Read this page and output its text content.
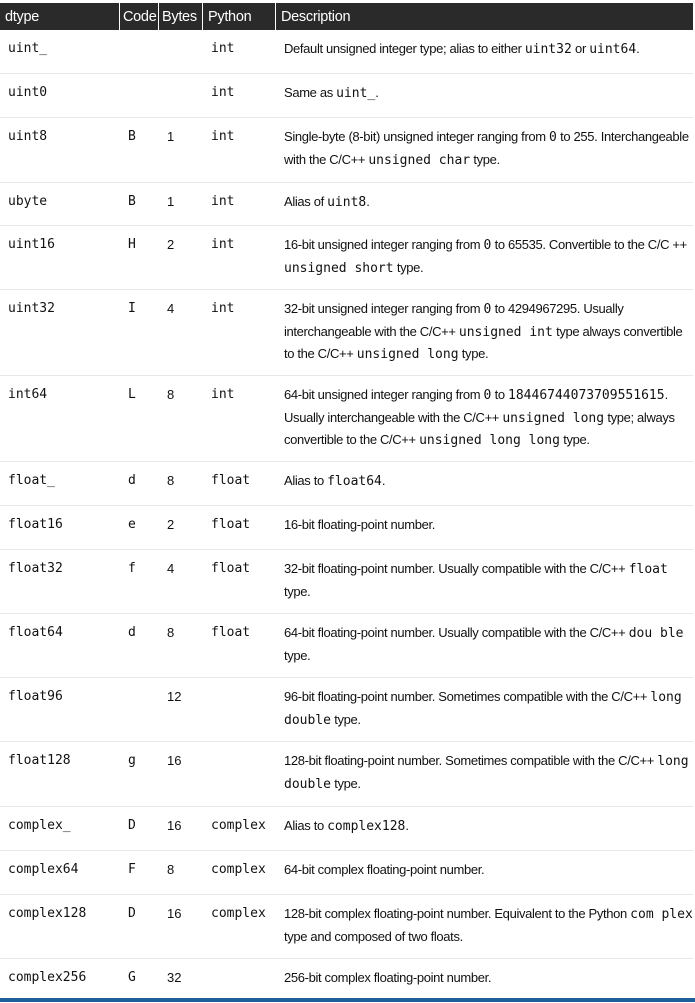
dtype	Code	Bytes	Python	Description
uint_			int	Default unsigned integer type; alias to either uint32 or uint64.
uint0			int	Same as uint_.
uint8	B	1	int	Single-byte (8-bit) unsigned integer ranging from 0 to 255. Interchangeable with the C/C++ unsigned char type.
ubyte	B	1	int	Alias of uint8.
uint16	H	2	int	16-bit unsigned integer ranging from 0 to 65535. Convertible to the C/C ++ unsigned short type.
uint32	I	4	int	32-bit unsigned integer ranging from 0 to 4294967295. Usually interchangeable with the C/C++ unsigned int type always convertible to the C/C++ unsigned long type.
int64	L	8	int	64-bit unsigned integer ranging from 0 to 18446744073709551615. Usually interchangeable with the C/C++ unsigned long type; always convertible to the C/C++ unsigned long long type.
float_	d	8	float	Alias to float64.
float16	e	2	float	16-bit floating-point number.
float32	f	4	float	32-bit floating-point number. Usually compatible with the C/C++ float type.
float64	d	8	float	64-bit floating-point number. Usually compatible with the C/C++ dou ble type.
float96		12		96-bit floating-point number. Sometimes compatible with the C/C++ long double type.
float128	g	16		128-bit floating-point number. Sometimes compatible with the C/C++ long double type.
complex_	D	16	complex	Alias to complex128.
complex64	F	8	complex	64-bit complex floating-point number.
complex128	D	16	complex	128-bit complex floating-point number. Equivalent to the Python com plex type and composed of two floats.
complex256	G	32		256-bit complex floating-point number.
